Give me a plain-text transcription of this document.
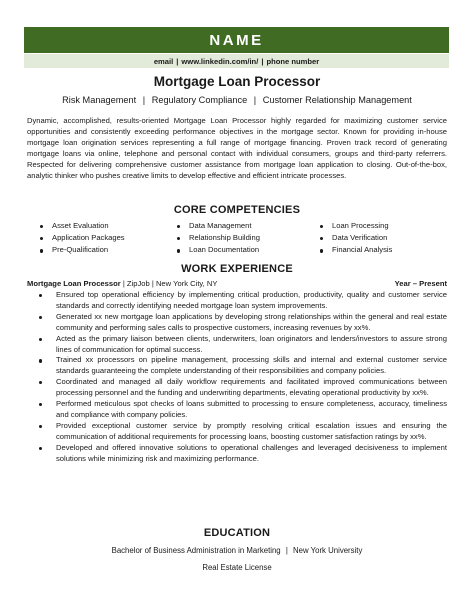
NAME
email | www.linkedin.com/in/ | phone number
Mortgage Loan Processor
Risk Management | Regulatory Compliance | Customer Relationship Management
Dynamic, accomplished, results-oriented Mortgage Loan Processor highly regarded for maximizing customer service opportunities and consistently exceeding performance objectives in the mortgage sector. Known for providing in-house mortgage loan origination services representing a full range of mortgage financing. Proven track record of generating mortgage loans via online, telephone and personal contact with individual consumers, groups and third-party referrers. Respected for delivering comprehensive customer assistance from mortgage loan application to closing. Out-of-the-box, analytic thinker who pushes creative limits to develop effective and efficient intricate processes.
CORE COMPETENCIES
Asset Evaluation
Application Packages
Pre-Qualification
Data Management
Relationship Building
Loan Documentation
Loan Processing
Data Verification
Financial Analysis
WORK EXPERIENCE
Mortgage Loan Processor | ZipJob | New York City, NY	Year – Present
Ensured top operational efficiency by implementing critical production, productivity, quality and customer service standards and correctly identifying needed mortgage loan system improvements.
Generated xx new mortgage loan applications by developing strong relationships within the general and real estate community and performing sales calls to prospective customers, increasing revenues by xx%.
Acted as the primary liaison between clients, underwriters, loan originators and lenders/investors to assure strong lines of communication for optimal success.
Trained xx processors on pipeline management, processing skills and internal and external customer service standards guaranteeing the complete understanding of their responsibilities and company policies.
Coordinated and managed all daily workflow requirements and facilitated improved communications between processing personnel and the funding and underwriting departments, elevating operational productivity by xx%.
Performed meticulous spot checks of loans submitted to processing to ensure completeness, accuracy, timeliness and compliance with company policies.
Provided exceptional customer service by promptly resolving critical escalation issues and ensuring the communication of additional requirements for processing loans, boosting customer satisfaction ratings by xx%.
Developed and offered innovative solutions to operational challenges and leveraged decisiveness to implement solutions while minimizing risk and maximizing performance.
EDUCATION
Bachelor of Business Administration in Marketing | New York University
Real Estate License
